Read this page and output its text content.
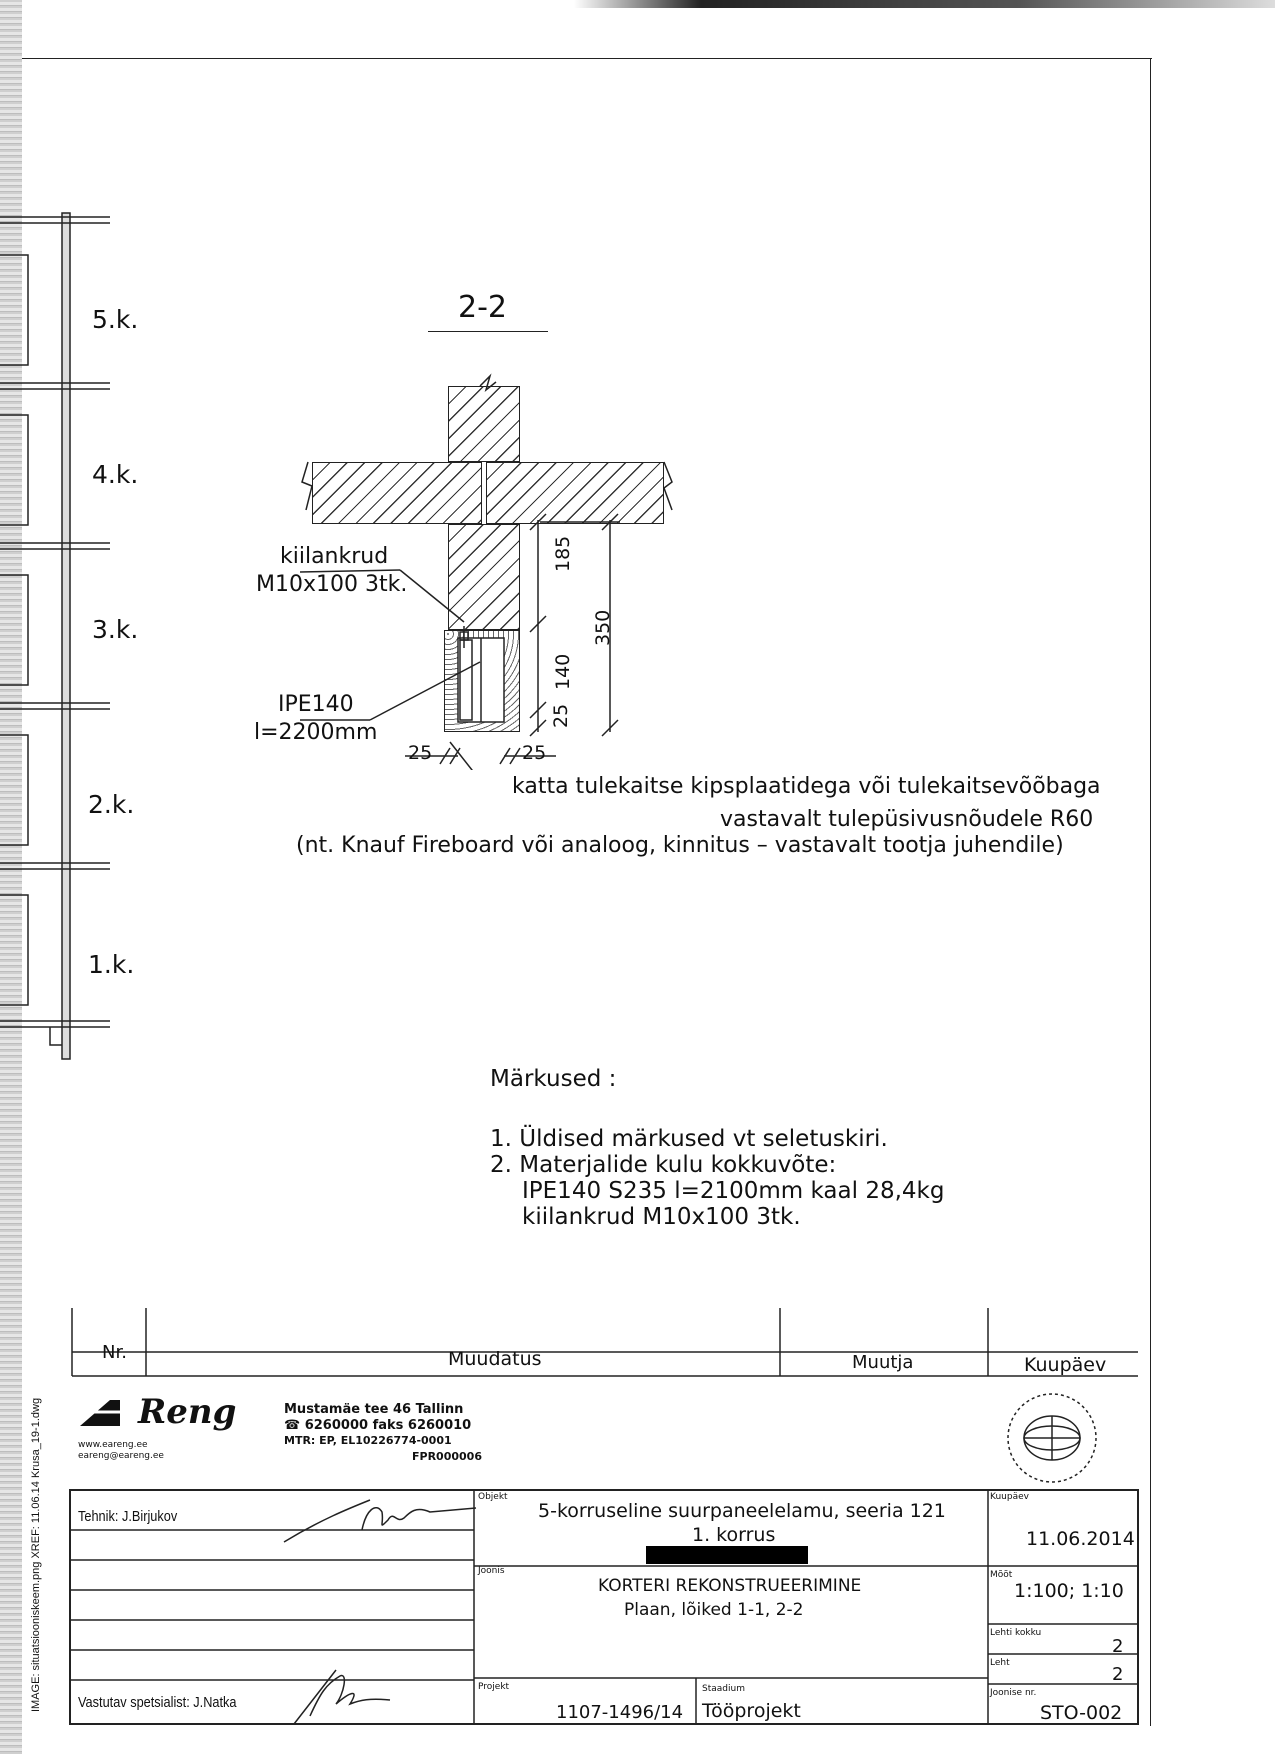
5.k.
4.k.
3.k.
2.k.
1.k.
2-2
kiilankrud
M10x100 3tk.
IPE140
l=2200mm
185
140
25
350
25	25
katta tulekaitse kipsplaatidega või tulekaitsevõõbaga
vastavalt tulepüsivusnõudele R60
(nt. Knauf Fireboard või analoog, kinnitus – vastavalt tootja juhendile)
Märkused :
1. Üldised märkused vt seletuskiri.
2. Materjalide kulu kokkuvõte:
IPE140 S235 l=2100mm kaal 28,4kg
kiilankrud M10x100 3tk.
Nr.	Muudatus	Muutja	Kuupäev
Reng
www.eareng.ee
eareng@eareng.ee
Mustamäe tee 46 Tallinn
☎ 6260000 faks 6260010
MTR: EP, EL10226774-0001
FPR000006
Tehnik: J.Birjukov
Vastutav spetsialist: J.Natka
IMAGE: situatsiooniskeem.png XREF: 11.06.14 Krusa_19-1.dwg	Objekt
5-korruseline suurpaneelelamu, seeria 121
1. korrus
Kuupäev
11.06.2014
Joonis
KORTERI REKONSTRUEERIMINE
Plaan, lõiked 1-1, 2-2
Mõõt
1:100; 1:10
Lehti kokku
2
Leht
2
Projekt
1107-1496/14
Staadium
Tööprojekt
Joonise nr.
STO-002
